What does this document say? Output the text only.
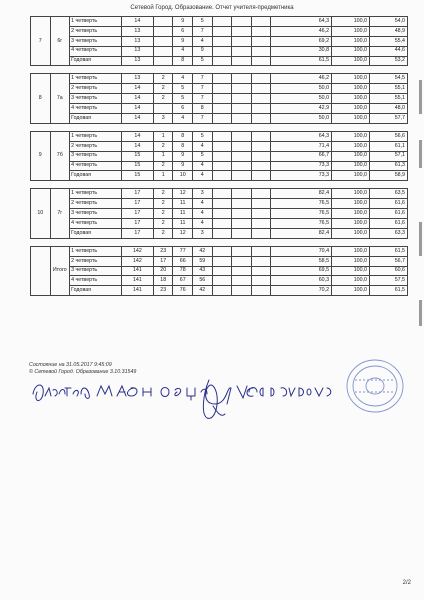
Сетевой Город. Образование. Отчет учителя-предметника
7	6г	1 четверть	14		9	5				64,3	100,0	54,0
		2 четверть	13		6	7				46,2	100,0	48,9
		3 четверть	13		9	4				69,2	100,0	55,4
		4 четверть	13		4	9				30,8	100,0	44,6
		Годовая	13		8	5				61,5	100,0	53,2

8	7а	1 четверть	13	2	4	7				46,2	100,0	54,5
		2 четверть	14	2	5	7				50,0	100,0	55,1
		3 четверть	14	2	5	7				50,0	100,0	55,1
		4 четверть	14		6	8				42,9	100,0	48,0
		Годовая	14	3	4	7				50,0	100,0	57,7

9	7б	1 четверть	14	1	8	5				64,3	100,0	56,6
		2 четверть	14	2	8	4				71,4	100,0	61,1
		3 четверть	15	1	9	5				66,7	100,0	57,1
		4 четверть	15	2	9	4				73,3	100,0	61,3
		Годовая	15	1	10	4				73,3	100,0	58,9

10	7г	1 четверть	17	2	12	3				82,4	100,0	63,5
		2 четверть	17	2	11	4				76,5	100,0	61,6
		3 четверть	17	2	11	4				76,5	100,0	61,6
		4 четверть	17	2	11	4				76,5	100,0	61,6
		Годовая	17	2	12	3				82,4	100,0	63,3

	Итого	1 четверть	142	23	77	42				70,4	100,0	61,5
		2 четверть	142	17	66	59				58,5	100,0	56,7
		3 четверть	141	20	78	43				69,5	100,0	60,6
		4 четверть	141	18	67	56				60,3	100,0	57,5
		Годовая	141	23	76	42				70,2	100,0	61,5
Состояние на 31.05.2017 9:45:09
© Сетевой Город. Образование 3.10.31549
2/2
